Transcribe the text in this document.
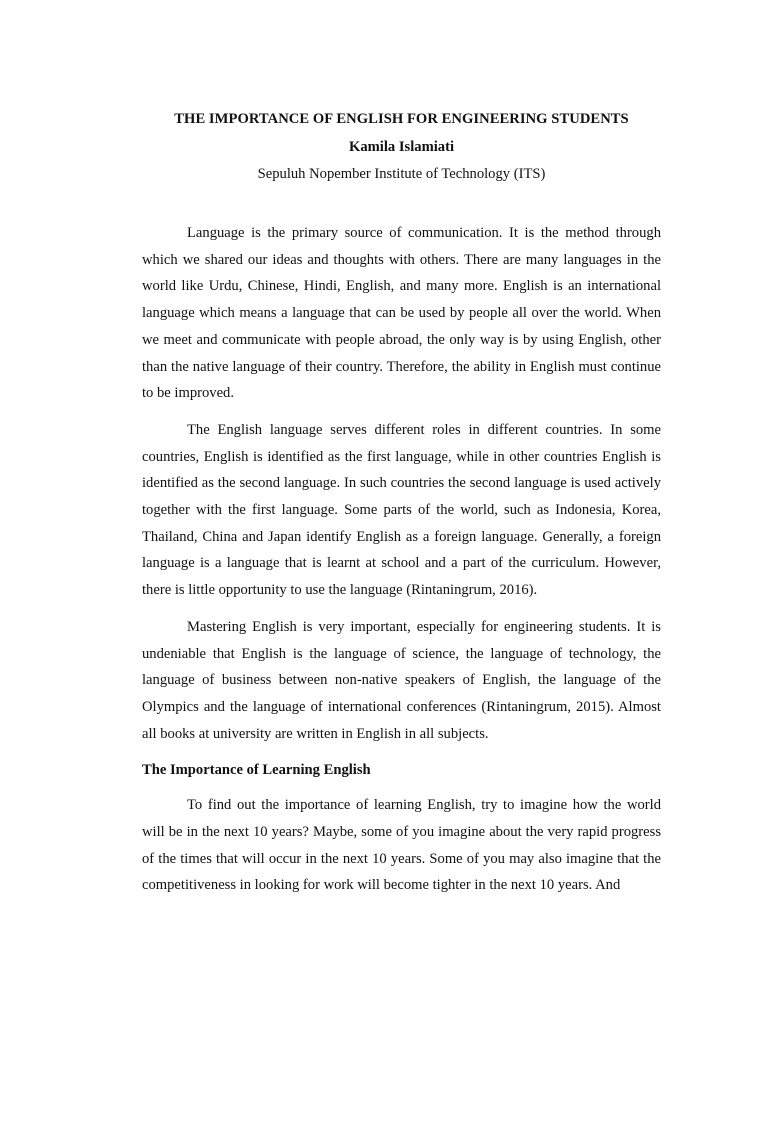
THE IMPORTANCE OF ENGLISH FOR ENGINEERING STUDENTS
Kamila Islamiati
Sepuluh Nopember Institute of Technology (ITS)

Language is the primary source of communication. It is the method through which we shared our ideas and thoughts with others. There are many languages in the world like Urdu, Chinese, Hindi, English, and many more. English is an international language which means a language that can be used by people all over the world. When we meet and communicate with people abroad, the only way is by using English, other than the native language of their country. Therefore, the ability in English must continue to be improved.

The English language serves different roles in different countries. In some countries, English is identified as the first language, while in other countries English is identified as the second language. In such countries the second language is used actively together with the first language. Some parts of the world, such as Indonesia, Korea, Thailand, China and Japan identify English as a foreign language. Generally, a foreign language is a language that is learnt at school and a part of the curriculum. However, there is little opportunity to use the language (Rintaningrum, 2016).

Mastering English is very important, especially for engineering students. It is undeniable that English is the language of science, the language of technology, the language of business between non-native speakers of English, the language of the Olympics and the language of international conferences (Rintaningrum, 2015). Almost all books at university are written in English in all subjects.

The Importance of Learning English

To find out the importance of learning English, try to imagine how the world will be in the next 10 years? Maybe, some of you imagine about the very rapid progress of the times that will occur in the next 10 years. Some of you may also imagine that the competitiveness in looking for work will become tighter in the next 10 years. And
